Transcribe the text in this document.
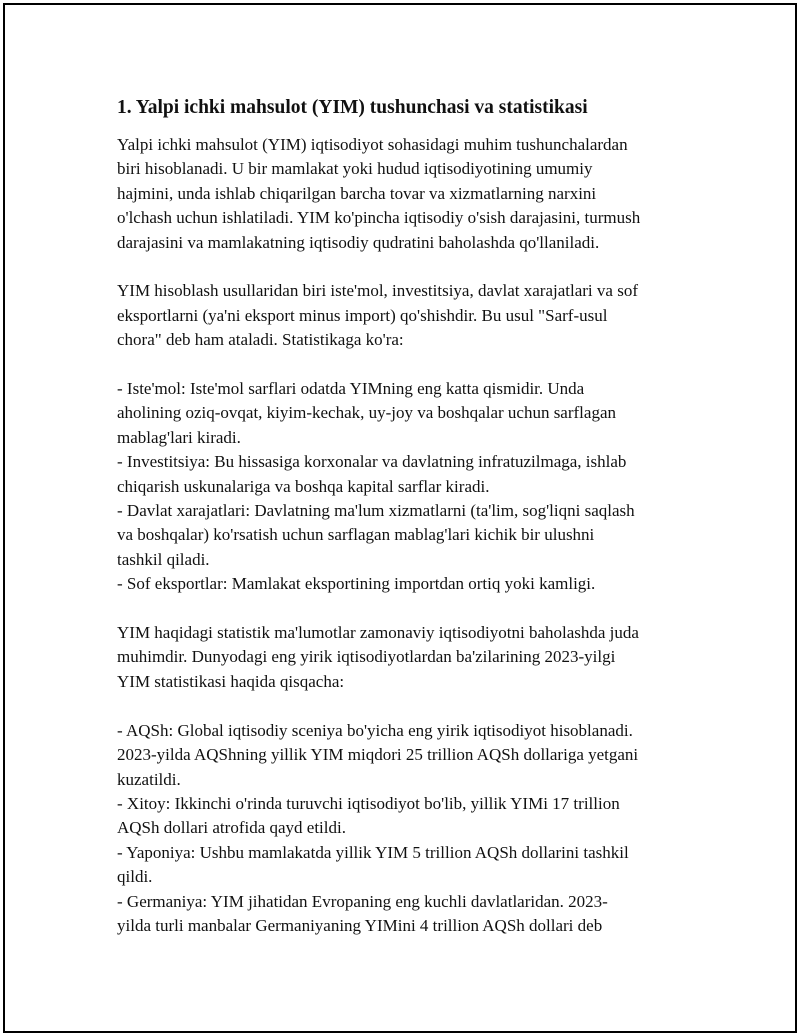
1. Yalpi ichki mahsulot (YIM) tushunchasi va statistikasi

Yalpi ichki mahsulot (YIM) iqtisodiyot sohasidagi muhim tushunchalardan

biri hisoblanadi. U bir mamlakat yoki hudud iqtisodiyotining umumiy

hajmini, unda ishlab chiqarilgan barcha tovar va xizmatlarning narxini

o'lchash uchun ishlatiladi. YIM ko'pincha iqtisodiy o'sish darajasini, turmush

darajasini va mamlakatning iqtisodiy qudratini baholashda qo'llaniladi.

YIM hisoblash usullaridan biri iste'mol, investitsiya, davlat xarajatlari va sof

eksportlarni (ya'ni eksport minus import) qo'shishdir. Bu usul "Sarf-usul

chora" deb ham ataladi. Statistikaga ko'ra:

- Iste'mol: Iste'mol sarflari odatda YIMning eng katta qismidir. Unda

aholining oziq-ovqat, kiyim-kechak, uy-joy va boshqalar uchun sarflagan

mablag'lari kiradi.

- Investitsiya: Bu hissasiga korxonalar va davlatning infratuzilmaga, ishlab

chiqarish uskunalariga va boshqa kapital sarflar kiradi.

- Davlat xarajatlari: Davlatning ma'lum xizmatlarni (ta'lim, sog'liqni saqlash

va boshqalar) ko'rsatish uchun sarflagan mablag'lari kichik bir ulushni

tashkil qiladi.

- Sof eksportlar: Mamlakat eksportining importdan ortiq yoki kamligi.

YIM haqidagi statistik ma'lumotlar zamonaviy iqtisodiyotni baholashda juda

muhimdir. Dunyodagi eng yirik iqtisodiyotlardan ba'zilarining 2023-yilgi

YIM statistikasi haqida qisqacha:

- AQSh: Global iqtisodiy sceniya bo'yicha eng yirik iqtisodiyot hisoblanadi.

2023-yilda AQShning yillik YIM miqdori 25 trillion AQSh dollariga yetgani

kuzatildi.

- Xitoy: Ikkinchi o'rinda turuvchi iqtisodiyot bo'lib, yillik YIMi 17 trillion

AQSh dollari atrofida qayd etildi.

- Yaponiya: Ushbu mamlakatda yillik YIM 5 trillion AQSh dollarini tashkil

qildi.

- Germaniya: YIM jihatidan Evropaning eng kuchli davlatlaridan. 2023-

yilda turli manbalar Germaniyaning YIMini 4 trillion AQSh dollari deb
